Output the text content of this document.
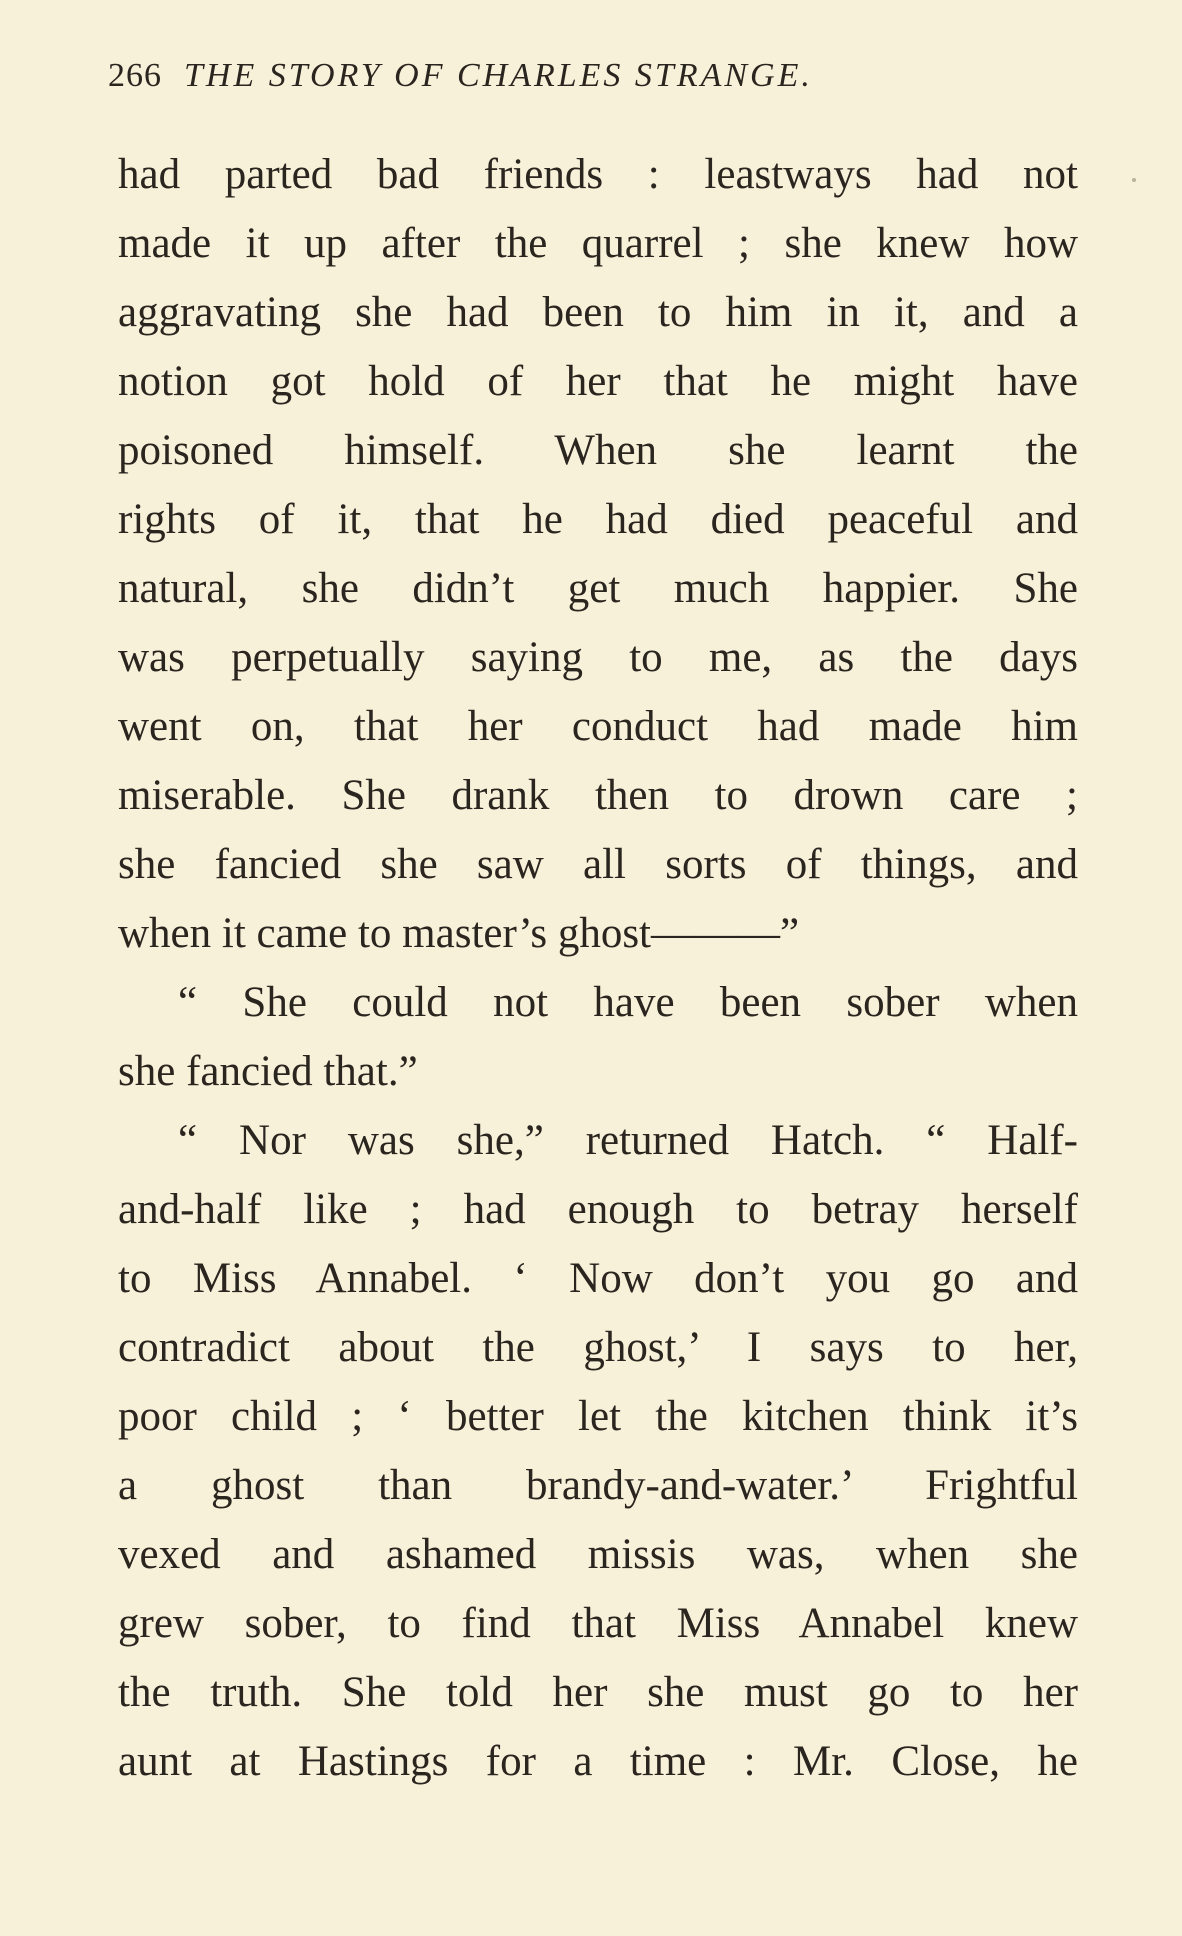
266 THE STORY OF CHARLES STRANGE.
had parted bad friends : leastways had not
made it up after the quarrel ; she knew how
aggravating she had been to him in it, and a
notion got hold of her that he might have
poisoned himself. When she learnt the
rights of it, that he had died peaceful and
natural, she didn’t get much happier. She
was perpetually saying to me, as the days
went on, that her conduct had made him
miserable. She drank then to drown care ;
she fancied she saw all sorts of things, and
when it came to master’s ghost———”
“ She could not have been sober when
she fancied that.”
“ Nor was she,” returned Hatch. “ Half-
and-half like ; had enough to betray herself
to Miss Annabel. ‘ Now don’t you go and
contradict about the ghost,’ I says to her,
poor child ; ‘ better let the kitchen think it’s
a ghost than brandy-and-water.’ Frightful
vexed and ashamed missis was, when she
grew sober, to find that Miss Annabel knew
the truth. She told her she must go to her
aunt at Hastings for a time : Mr. Close, he
